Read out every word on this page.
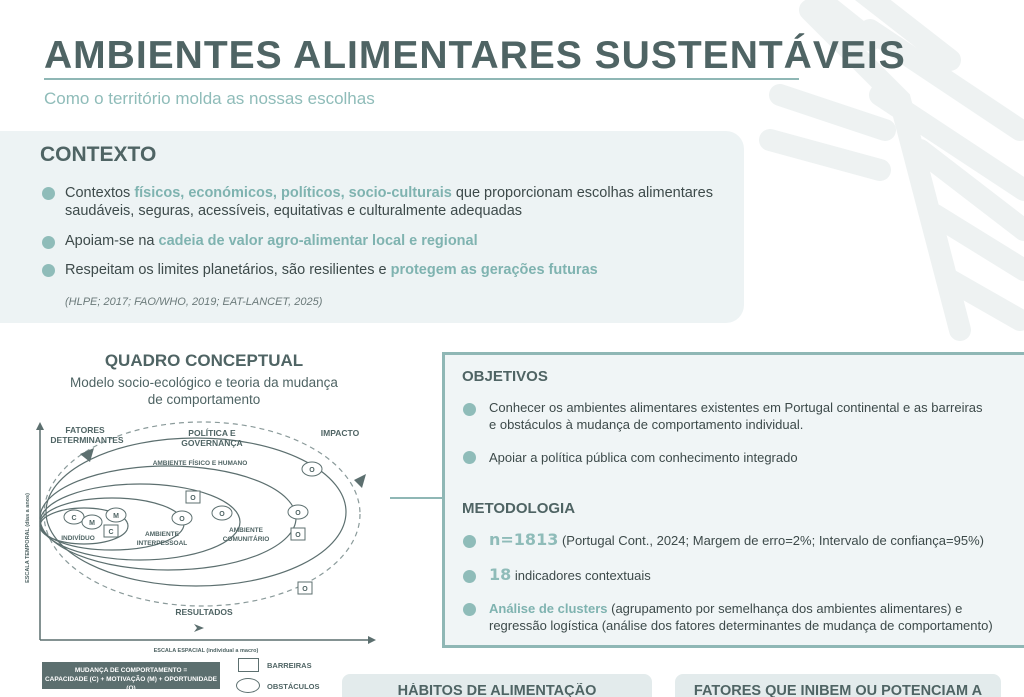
AMBIENTES ALIMENTARES SUSTENTÁVEIS
Como o território molda as nossas escolhas
CONTEXTO
Contextos físicos, económicos, políticos, socio-culturais que proporcionam escolhas alimentares
saudáveis, seguras, acessíveis, equitativas e culturalmente adequadas
Apoiam-se na cadeia de valor agro-alimentar local e regional
Respeitam os limites planetários, são resilientes e protegem as gerações futuras
(HLPE; 2017; FAO/WHO, 2019; EAT-LANCET, 2025)
QUADRO CONCEPTUAL
Modelo socio-ecológico e teoria da mudança
de comportamento
FATORES
DETERMINANTES
POLÍTICA E
GOVERNANÇA
IMPACTO
AMBIENTE FÍSICO E HUMANO
AMBIENTE
INTERPESSOAL
AMBIENTE
COMUNITÁRIO
INDIVÍDUO
RESULTADOS
ESCALA ESPACIAL (individual a macro)
ESCALA TEMPORAL (dias a anos)	C
M
M
C
O
O
O
O
O
O
O
MUDANÇA DE COMPORTAMENTO =
CAPACIDADE (C) + MOTIVAÇÃO (M) + OPORTUNIDADE (O)
BARREIRAS
OBSTÁCULOS
OBJETIVOS
Conhecer os ambientes alimentares existentes em Portugal continental e as barreiras
e obstáculos à mudança de comportamento individual.
Apoiar a política pública com conhecimento integrado
METODOLOGIA
n=1813 (Portugal Cont., 2024; Margem de erro=2%; Intervalo de confiança=95%)
18 indicadores contextuais
Análise de clusters (agrupamento por semelhança dos ambientes alimentares) e
regressão logística (análise dos fatores determinantes de mudança de comportamento)
HÁBITOS DE ALIMENTAÇÃO	FATORES QUE INIBEM OU POTENCIAM A
